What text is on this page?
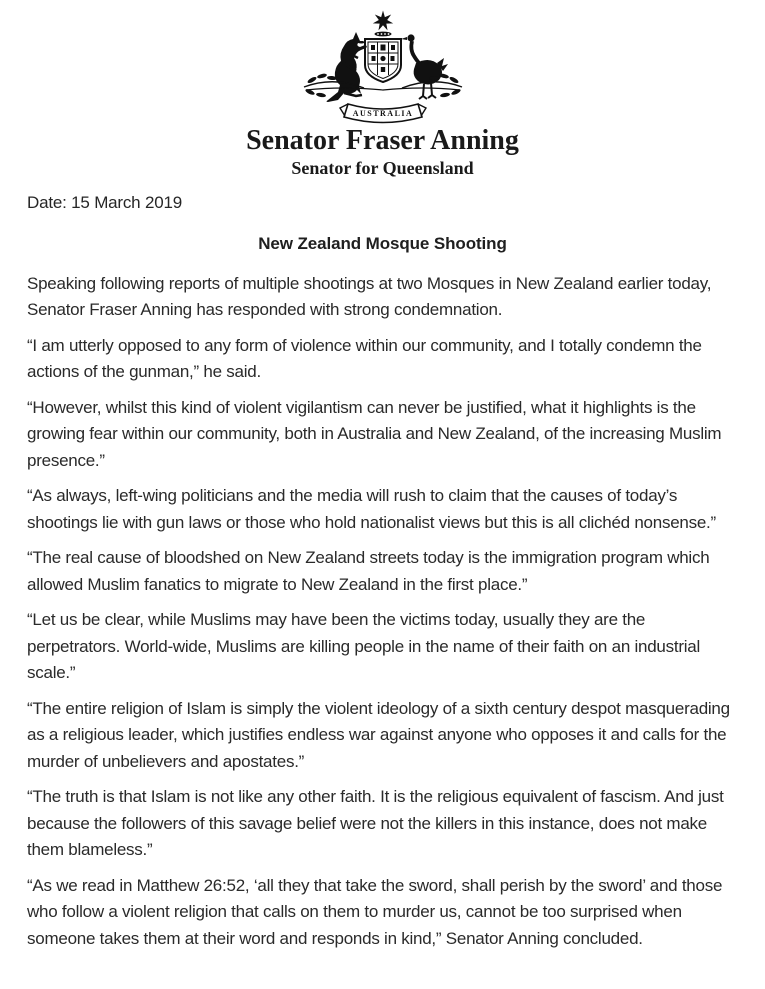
AUSTRALIA
Senator Fraser Anning
Senator for Queensland
Date: 15 March 2019
New Zealand Mosque Shooting

Speaking following reports of multiple shootings at two Mosques in New Zealand earlier today, Senator Fraser Anning has responded with strong condemnation.

“I am utterly opposed to any form of violence within our community, and I totally condemn the actions of the gunman,” he said.

“However, whilst this kind of violent vigilantism can never be justified, what it highlights is the growing fear within our community, both in Australia and New Zealand, of the increasing Muslim presence.”

“As always, left-wing politicians and the media will rush to claim that the causes of today’s shootings lie with gun laws or those who hold nationalist views but this is all clichéd nonsense.”

“The real cause of bloodshed on New Zealand streets today is the immigration program which allowed Muslim fanatics to migrate to New Zealand in the first place.”

“Let us be clear, while Muslims may have been the victims today, usually they are the perpetrators. World-wide, Muslims are killing people in the name of their faith on an industrial scale.”

“The entire religion of Islam is simply the violent ideology of a sixth century despot masquerading as a religious leader, which justifies endless war against anyone who opposes it and calls for the murder of unbelievers and apostates.”

“The truth is that Islam is not like any other faith. It is the religious equivalent of fascism. And just because the followers of this savage belief were not the killers in this instance, does not make them blameless.”

“As we read in Matthew 26:52, ‘all they that take the sword, shall perish by the sword’ and those who follow a violent religion that calls on them to murder us, cannot be too surprised when someone takes them at their word and responds in kind,” Senator Anning concluded.
